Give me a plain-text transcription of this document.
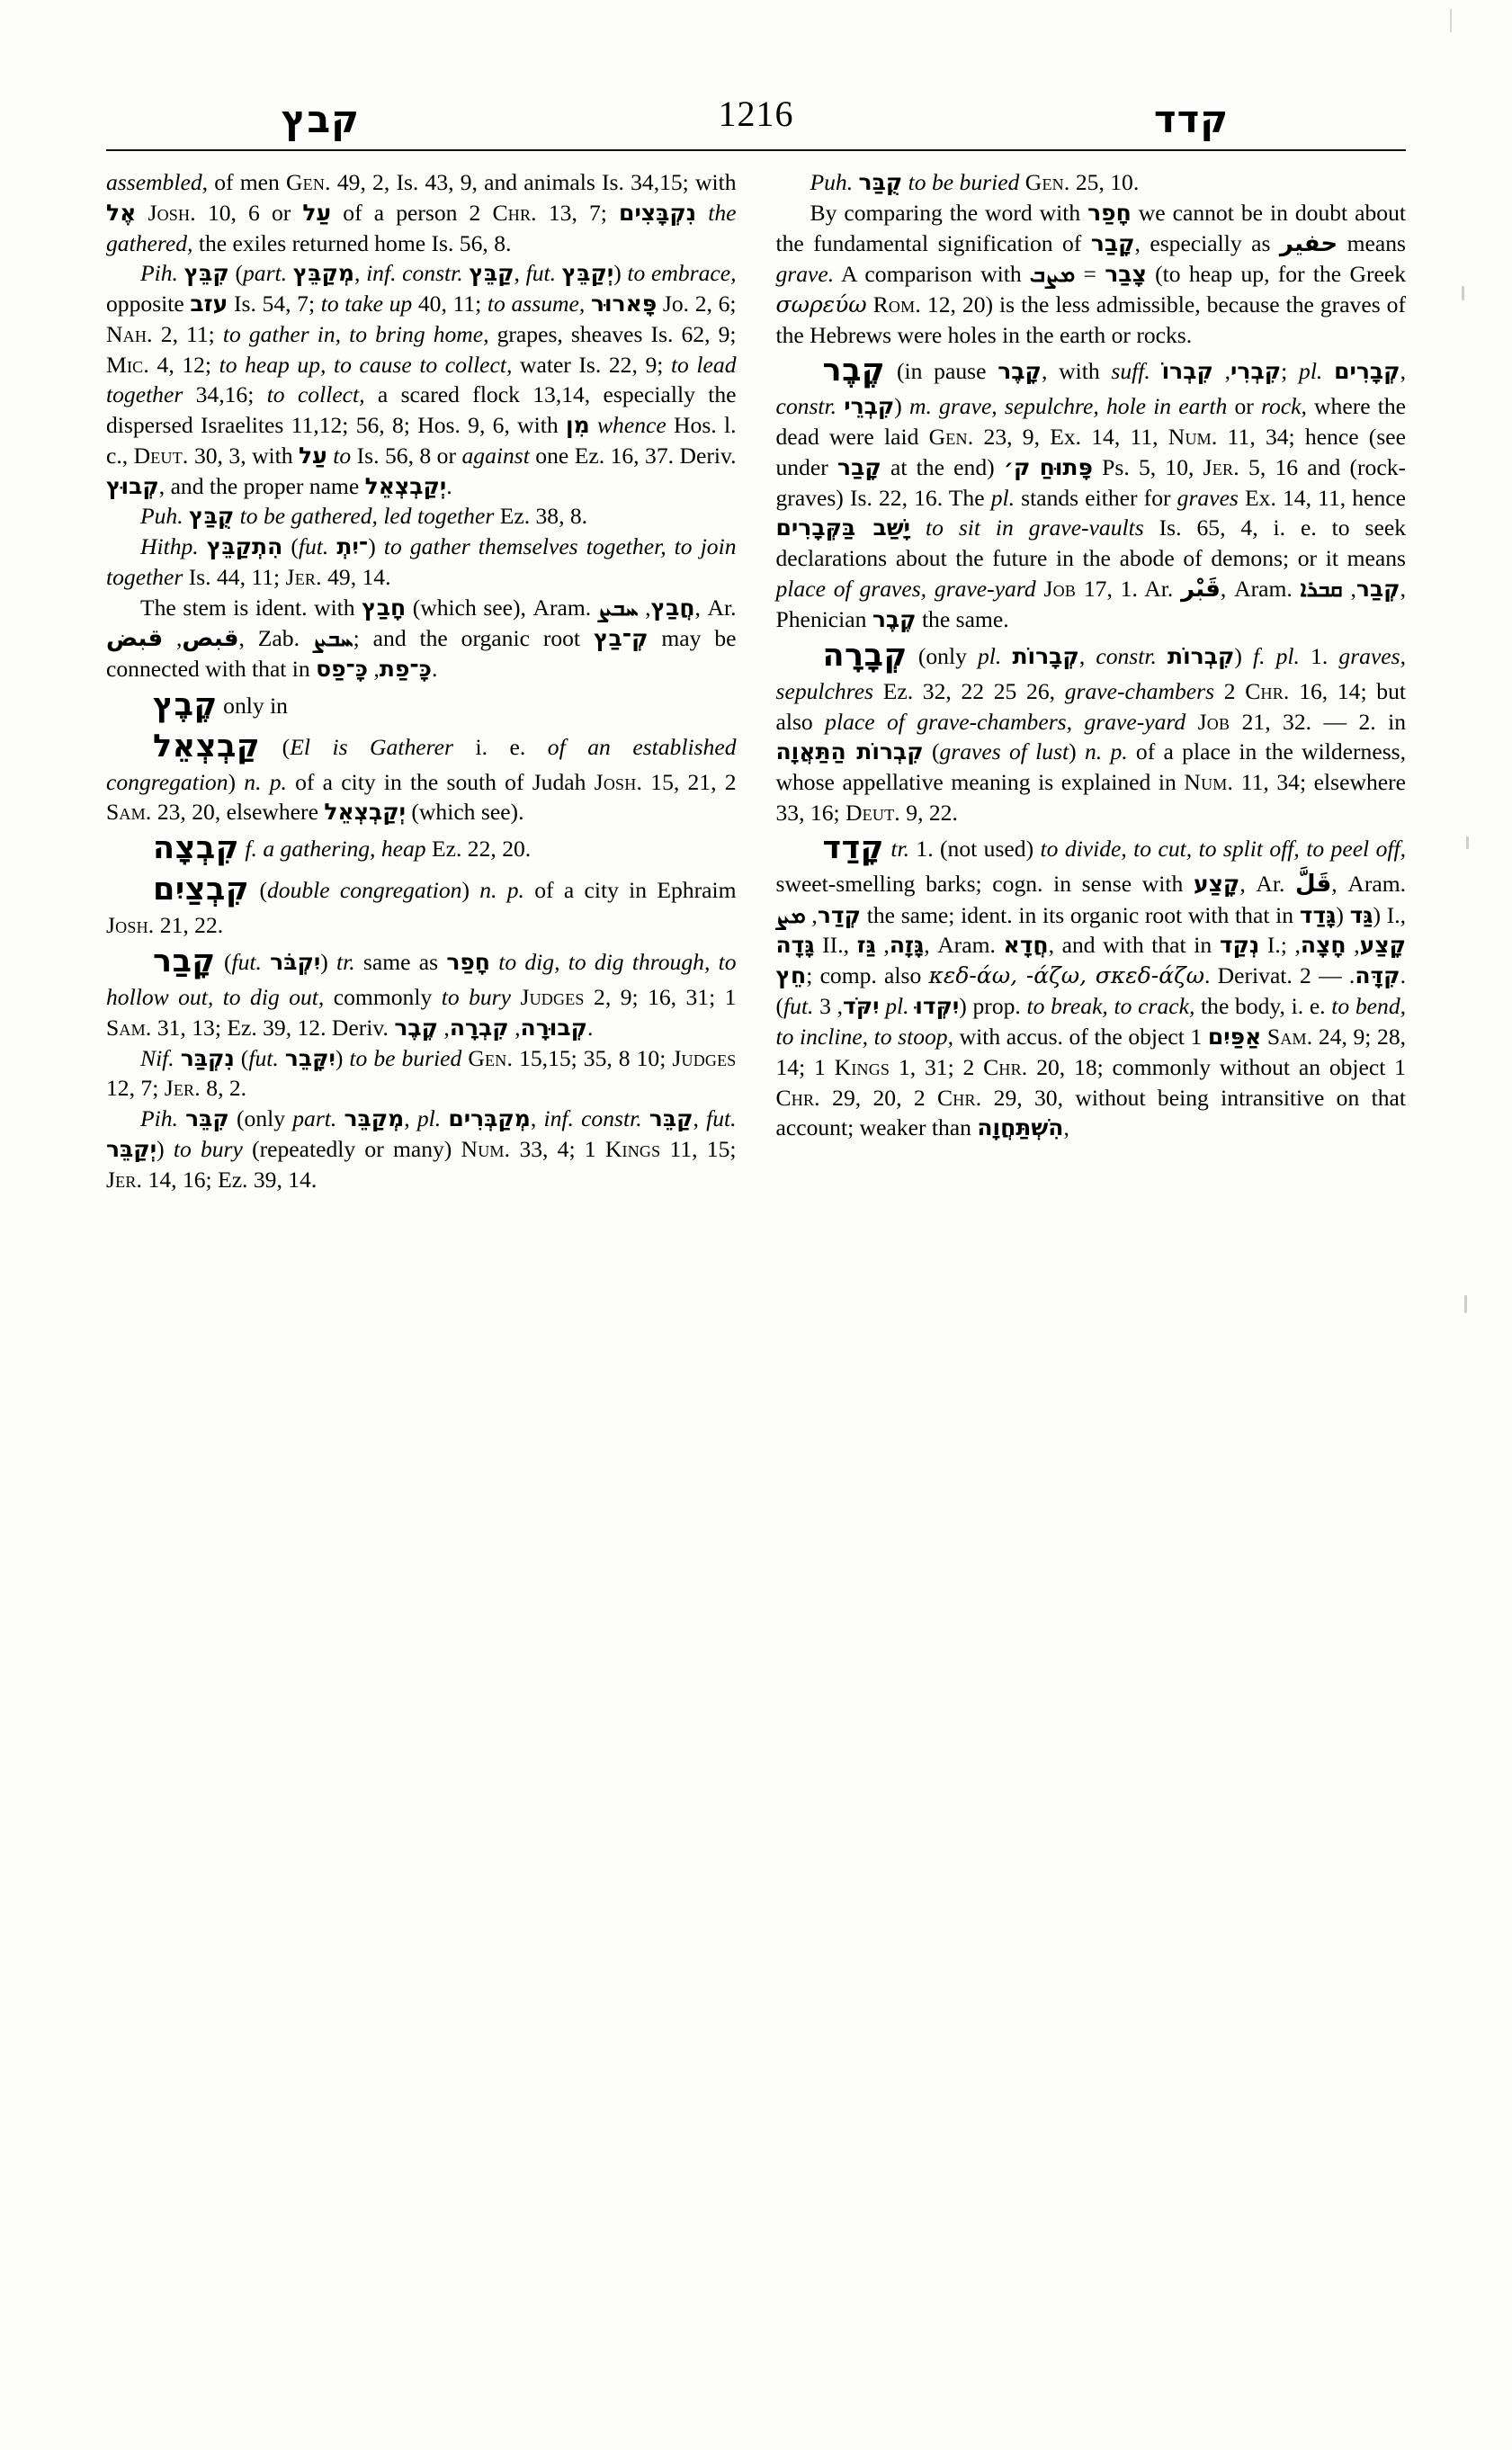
קבץ	1216	קדד

assembled, of men Gen. 49, 2, Is. 43, 9, and animals Is. 34,15; with אֶל Josh. 10, 6 or עַל of a person 2 Chr. 13, 7; נִקְבָּצִים the gathered, the exiles returned home Is. 56, 8.

Pih. קִבֵּץ (part. מְקַבֵּץ, inf. constr. קַבֵּץ, fut. יְקַבֵּץ) to embrace, opposite עזב Is. 54, 7; to take up 40, 11; to assume, פָּארוּר Jo. 2, 6; Nah. 2, 11; to gather in, to bring home, grapes, sheaves Is. 62, 9; Mic. 4, 12; to heap up, to cause to collect, water Is. 22, 9; to lead together 34,16; to collect, a scared flock 13,14, especially the dispersed Israelites 11,12; 56, 8; Hos. 9, 6, with מִן whence Hos. l. c., Deut. 30, 3, with עַל to Is. 56, 8 or against one Ez. 16, 37. Deriv. קְבוּץ, and the proper name יְקַבְצְאֵל.

Puh. קֻבַּץ to be gathered, led together Ez. 38, 8.

Hithp. הִתְקַבֵּץ (fut. ־יִתְ) to gather themselves together, to join together Is. 44, 11; Jer. 49, 14.

The stem is ident. with חָבַץ (which see), Aram. חֲבַץ, ܚܒܨ , Ar. قبص, قبض	, Zab. ܚܒܨ; and the organic root קְ־בַץ may be connected with that in	כָּ־פַת, כָּ־פַס	.

קֶבֶץ only in

קַבְצְאֵל (El is Gatherer i. e. of an established congregation) n. p. of a city in the south of Judah Josh. 15, 21, 2 Sam. 23, 20, elsewhere יְקַבְצְאֵל (which see).

קִבְצָה f. a gathering, heap Ez. 22, 20.

קִבְצַיִם (double congregation) n. p. of a city in Ephraim Josh. 21, 22.

קָבַר (fut. יִקְבֹּר) tr. same as חָפַר to dig, to dig through, to hollow out, to dig out, commonly to bury Judges 2, 9; 16, 31; 1 Sam. 31, 13; Ez. 39, 12. Deriv.	קְבוּרָה, קִבְרָה, קֶבֶר	.

Nif. נִקְבַּר (fut. יִקָּבֵר) to be buried Gen. 15,15; 35, 8 10; Judges 12, 7; Jer. 8, 2.

Pih. קִבֵּר (only part. מְקַבֵּר, pl. מְקַבְּרִים, inf. constr. קַבֵּר, fut. יְקַבֵּר) to bury (repeatedly or many) Num. 33, 4; 1 Kings 11, 15; Jer. 14, 16; Ez. 39, 14.

Puh. קֻבַּר to be buried Gen. 25, 10.

By comparing the word with חָפַר we cannot be in doubt about the fundamental signification of קָבַר, especially as حفير means grave. A comparison with	צָבַר = ܡܨܒ	(to heap up, for the Greek σωρεύω Rom. 12, 20) is the less admissible, because the graves of the Hebrews were holes in the earth or rocks.

קֶבֶר (in pause קָבֶר, with suff.	קִבְרִי, קִבְרוֹ	; pl. קְבָרִים, constr. קִבְרֵי) m. grave, sepulchre, hole in earth or rock, where the dead were laid Gen. 23, 9, Ex. 14, 11, Num. 11, 34; hence (see under קָבַר at the end) פָּתוּחַ ק׳	Ps. 5, 10, Jer. 5, 16 and (rock-graves) Is. 22, 16. The pl. stands either for graves Ex. 14, 11, hence יָשַׁב בַּקְּבָרִים to sit in grave-vaults Is. 65, 4, i. e. to seek declarations about the future in the abode of demons; or it means place of graves, grave-yard Job 17, 1. Ar. قَبْر, Aram. קְבַר, ܩܒܪܐ , Phenician קֶבֶר the same.

קְבָרָה (only pl. קְבָרוֹת, constr. קִבְרוֹת) f. pl. 1. graves, sepulchres Ez. 32, 22 25 26, grave-chambers 2 Chr. 16, 14; but also place of grave-chambers, grave-yard Job 21, 32. — 2. in קִבְרוֹת הַתַּאֲוָה (graves of lust) n. p. of a place in the wilderness, whose appellative meaning is explained in Num. 11, 34; elsewhere 33, 16; Deut. 9, 22.

קָדַד tr. 1. (not used) to divide, to cut, to split off, to peel off, sweet-smelling barks; cogn. in sense with קָצַע, Ar. قَلَّ, Aram. קְדַר, ܡܨ the same; ident. in its organic root with that in גַּד (גָּדַד ) I., גָּדָה II., גָּזָה, גַּז , Aram. חֲדָא, and with that in נְקַד I.;	קָצַע, חָצָה, חֵץ; comp. also κεδ-άω, -άζω, σκεδ-άζω. Derivat. קִדָּה. — 2. (fut. יִקֹּד, 3 pl. יִקְּדוּ) prop. to break, to crack, the body, i. e. to bend, to incline, to stoop, with accus. of the object אַפַּיִם 1 Sam. 24, 9; 28, 14; 1 Kings 1, 31; 2 Chr. 20, 18; commonly without an object 1 Chr. 29, 20, 2 Chr. 29, 30, without being intransitive on that account; weaker than הִשְׁתַּחֲוָה,
